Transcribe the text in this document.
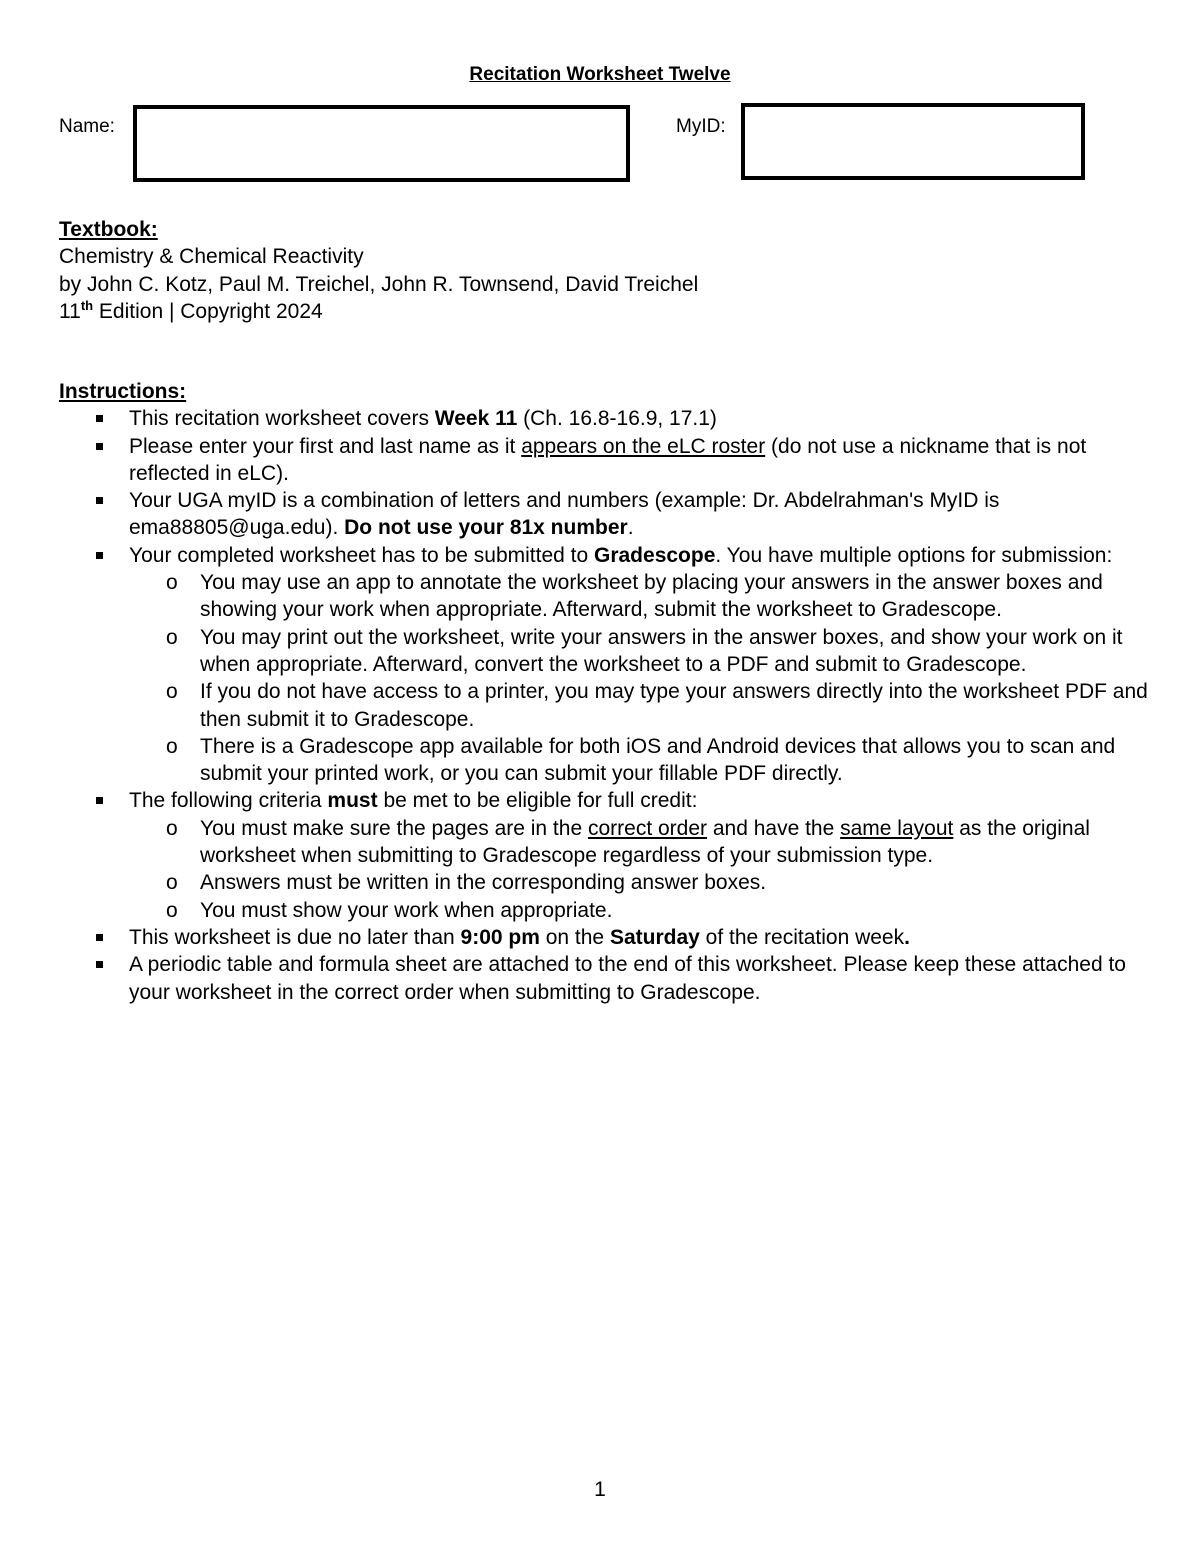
Recitation Worksheet Twelve
Name:	MyID:
Textbook:
Chemistry & Chemical Reactivity
by John C. Kotz, Paul M. Treichel, John R. Townsend, David Treichel
11th Edition | Copyright 2024
Instructions:
This recitation worksheet covers Week 11 (Ch. 16.8-16.9, 17.1)
Please enter your first and last name as it appears on the eLC roster (do not use a nickname that is not reflected in eLC).
Your UGA myID is a combination of letters and numbers (example: Dr. Abdelrahman's MyID is ema88805@uga.edu). Do not use your 81x number.
Your completed worksheet has to be submitted to Gradescope. You have multiple options for submission:
o You may use an app to annotate the worksheet by placing your answers in the answer boxes and showing your work when appropriate. Afterward, submit the worksheet to Gradescope.
o You may print out the worksheet, write your answers in the answer boxes, and show your work on it when appropriate. Afterward, convert the worksheet to a PDF and submit to Gradescope.
o If you do not have access to a printer, you may type your answers directly into the worksheet PDF and then submit it to Gradescope.
o There is a Gradescope app available for both iOS and Android devices that allows you to scan and submit your printed work, or you can submit your fillable PDF directly.
The following criteria must be met to be eligible for full credit:
o You must make sure the pages are in the correct order and have the same layout as the original worksheet when submitting to Gradescope regardless of your submission type.
o Answers must be written in the corresponding answer boxes.
o You must show your work when appropriate.
This worksheet is due no later than 9:00 pm on the Saturday of the recitation week.
A periodic table and formula sheet are attached to the end of this worksheet. Please keep these attached to your worksheet in the correct order when submitting to Gradescope.
1
